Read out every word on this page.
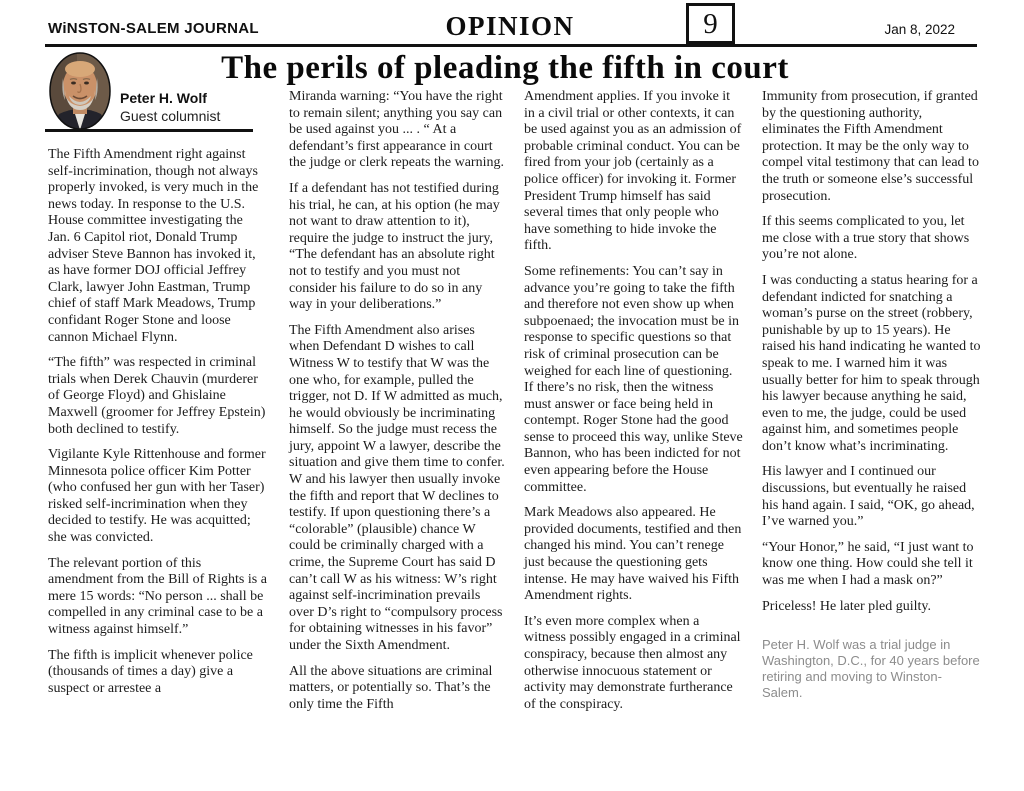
WiNSTON-SALEM JOURNAL	OPINION	9	Jan 8, 2022
The perils of pleading the fifth in court
Peter H. Wolf
Guest columnist

The Fifth Amendment right against self-incrimination, though not always properly invoked, is very much in the news today. In response to the U.S. House committee investigating the Jan. 6 Capitol riot, Donald Trump adviser Steve Bannon has invoked it, as have former DOJ official Jeffrey Clark, lawyer John Eastman, Trump chief of staff Mark Meadows, Trump confidant Roger Stone and loose cannon Michael Flynn.

“The fifth” was respected in criminal trials when Derek Chauvin (murderer of George Floyd) and Ghislaine Maxwell (groomer for Jeffrey Epstein) both declined to testify.

Vigilante Kyle Rittenhouse and former Minnesota police officer Kim Potter (who confused her gun with her Taser) risked self-incrimination when they decided to testify. He was acquitted; she was convicted.

The relevant portion of this amendment from the Bill of Rights is a mere 15 words: “No person ... shall be compelled in any criminal case to be a witness against himself.”

The fifth is implicit whenever police (thousands of times a day) give a suspect or arrestee a

Miranda warning: “You have the right to remain silent; anything you say can be used against you ... . “ At a defendant’s first appearance in court the judge or clerk repeats the warning.

If a defendant has not testified during his trial, he can, at his option (he may not want to draw attention to it), require the judge to instruct the jury, “The defendant has an absolute right not to testify and you must not consider his failure to do so in any way in your deliberations.”

The Fifth Amendment also arises when Defendant D wishes to call Witness W to testify that W was the one who, for example, pulled the trigger, not D. If W admitted as much, he would obviously be incriminating himself. So the judge must recess the jury, appoint W a lawyer, describe the situation and give them time to confer. W and his lawyer then usually invoke the fifth and report that W declines to testify. If upon questioning there’s a “colorable” (plausible) chance W could be criminally charged with a crime, the Supreme Court has said D can’t call W as his witness: W’s right against self-incrimination prevails over D’s right to “compulsory process for obtaining witnesses in his favor” under the Sixth Amendment.

All the above situations are criminal matters, or potentially so. That’s the only time the Fifth

Amendment applies. If you invoke it in a civil trial or other contexts, it can be used against you as an admission of probable criminal conduct. You can be fired from your job (certainly as a police officer) for invoking it. Former President Trump himself has said several times that only people who have something to hide invoke the fifth.

Some refinements: You can’t say in advance you’re going to take the fifth and therefore not even show up when subpoenaed; the invocation must be in response to specific questions so that risk of criminal prosecution can be weighed for each line of questioning. If there’s no risk, then the witness must answer or face being held in contempt. Roger Stone had the good sense to proceed this way, unlike Steve Bannon, who has been indicted for not even appearing before the House committee.

Mark Meadows also appeared. He provided documents, testified and then changed his mind. You can’t renege just because the questioning gets intense. He may have waived his Fifth Amendment rights.

It’s even more complex when a witness possibly engaged in a criminal conspiracy, because then almost any otherwise innocuous statement or activity may demonstrate furtherance of the conspiracy.

Immunity from prosecution, if granted by the questioning authority, eliminates the Fifth Amendment protection. It may be the only way to compel vital testimony that can lead to the truth or someone else’s successful prosecution.

If this seems complicated to you, let me close with a true story that shows you’re not alone.

I was conducting a status hearing for a defendant indicted for snatching a woman’s purse on the street (robbery, punishable by up to 15 years). He raised his hand indicating he wanted to speak to me. I warned him it was usually better for him to speak through his lawyer because anything he said, even to me, the judge, could be used against him, and sometimes people don’t know what’s incriminating.

His lawyer and I continued our discussions, but eventually he raised his hand again. I said, “OK, go ahead, I’ve warned you.”

“Your Honor,” he said, “I just want to know one thing. How could she tell it was me when I had a mask on?”

Priceless! He later pled guilty.

Peter H. Wolf was a trial judge in Washington, D.C., for 40 years before retiring and moving to Winston-Salem.
